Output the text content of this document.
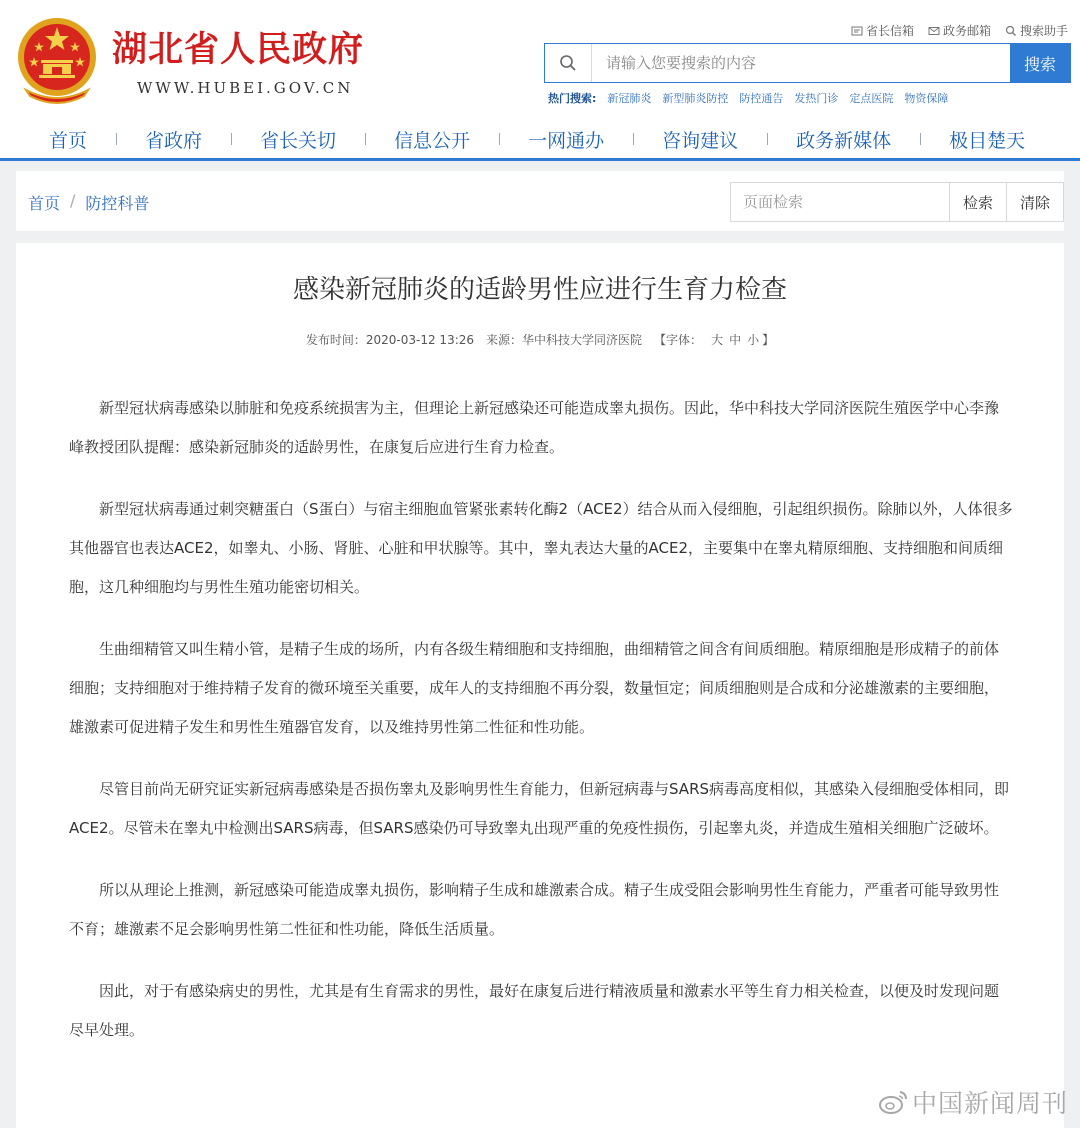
湖北省人民政府
WWW.HUBEI.GOV.CN
省长信箱 政务邮箱 搜索助手
请输入您要搜索的内容
搜索
热门搜索: 新冠肺炎 新型肺炎防控 防控通告 发热门诊 定点医院 物资保障
首页	省政府	省长关切	信息公开	一网通办	咨询建议	政务新媒体	极目楚天
首页 / 防控科普
页面检索	检索	清除
感染新冠肺炎的适龄男性应进行生育力检查
发布时间：2020-03-12 13:26 来源：华中科技大学同济医院 【字体： 大 中 小 】

新型冠状病毒感染以肺脏和免疫系统损害为主，但理论上新冠感染还可能造成睾丸损伤。因此，华中科技大学同济医院生殖医学中心李豫峰教授团队提醒：感染新冠肺炎的适龄男性，在康复后应进行生育力检查。

新型冠状病毒通过刺突糖蛋白（S蛋白）与宿主细胞血管紧张素转化酶2（ACE2）结合从而入侵细胞，引起组织损伤。除肺以外，人体很多其他器官也表达ACE2，如睾丸、小肠、肾脏、心脏和甲状腺等。其中，睾丸表达大量的ACE2，主要集中在睾丸精原细胞、支持细胞和间质细胞，这几种细胞均与男性生殖功能密切相关。

生曲细精管又叫生精小管，是精子生成的场所，内有各级生精细胞和支持细胞，曲细精管之间含有间质细胞。精原细胞是形成精子的前体细胞；支持细胞对于维持精子发育的微环境至关重要，成年人的支持细胞不再分裂，数量恒定；间质细胞则是合成和分泌雄激素的主要细胞，雄激素可促进精子发生和男性生殖器官发育，以及维持男性第二性征和性功能。

尽管目前尚无研究证实新冠病毒感染是否损伤睾丸及影响男性生育能力，但新冠病毒与SARS病毒高度相似，其感染入侵细胞受体相同，即ACE2。尽管未在睾丸中检测出SARS病毒，但SARS感染仍可导致睾丸出现严重的免疫性损伤，引起睾丸炎，并造成生殖相关细胞广泛破坏。

所以从理论上推测，新冠感染可能造成睾丸损伤，影响精子生成和雄激素合成。精子生成受阻会影响男性生育能力，严重者可能导致男性不育；雄激素不足会影响男性第二性征和性功能，降低生活质量。

因此，对于有感染病史的男性，尤其是有生育需求的男性，最好在康复后进行精液质量和激素水平等生育力相关检查，以便及时发现问题尽早处理。

中国新闻周刊
